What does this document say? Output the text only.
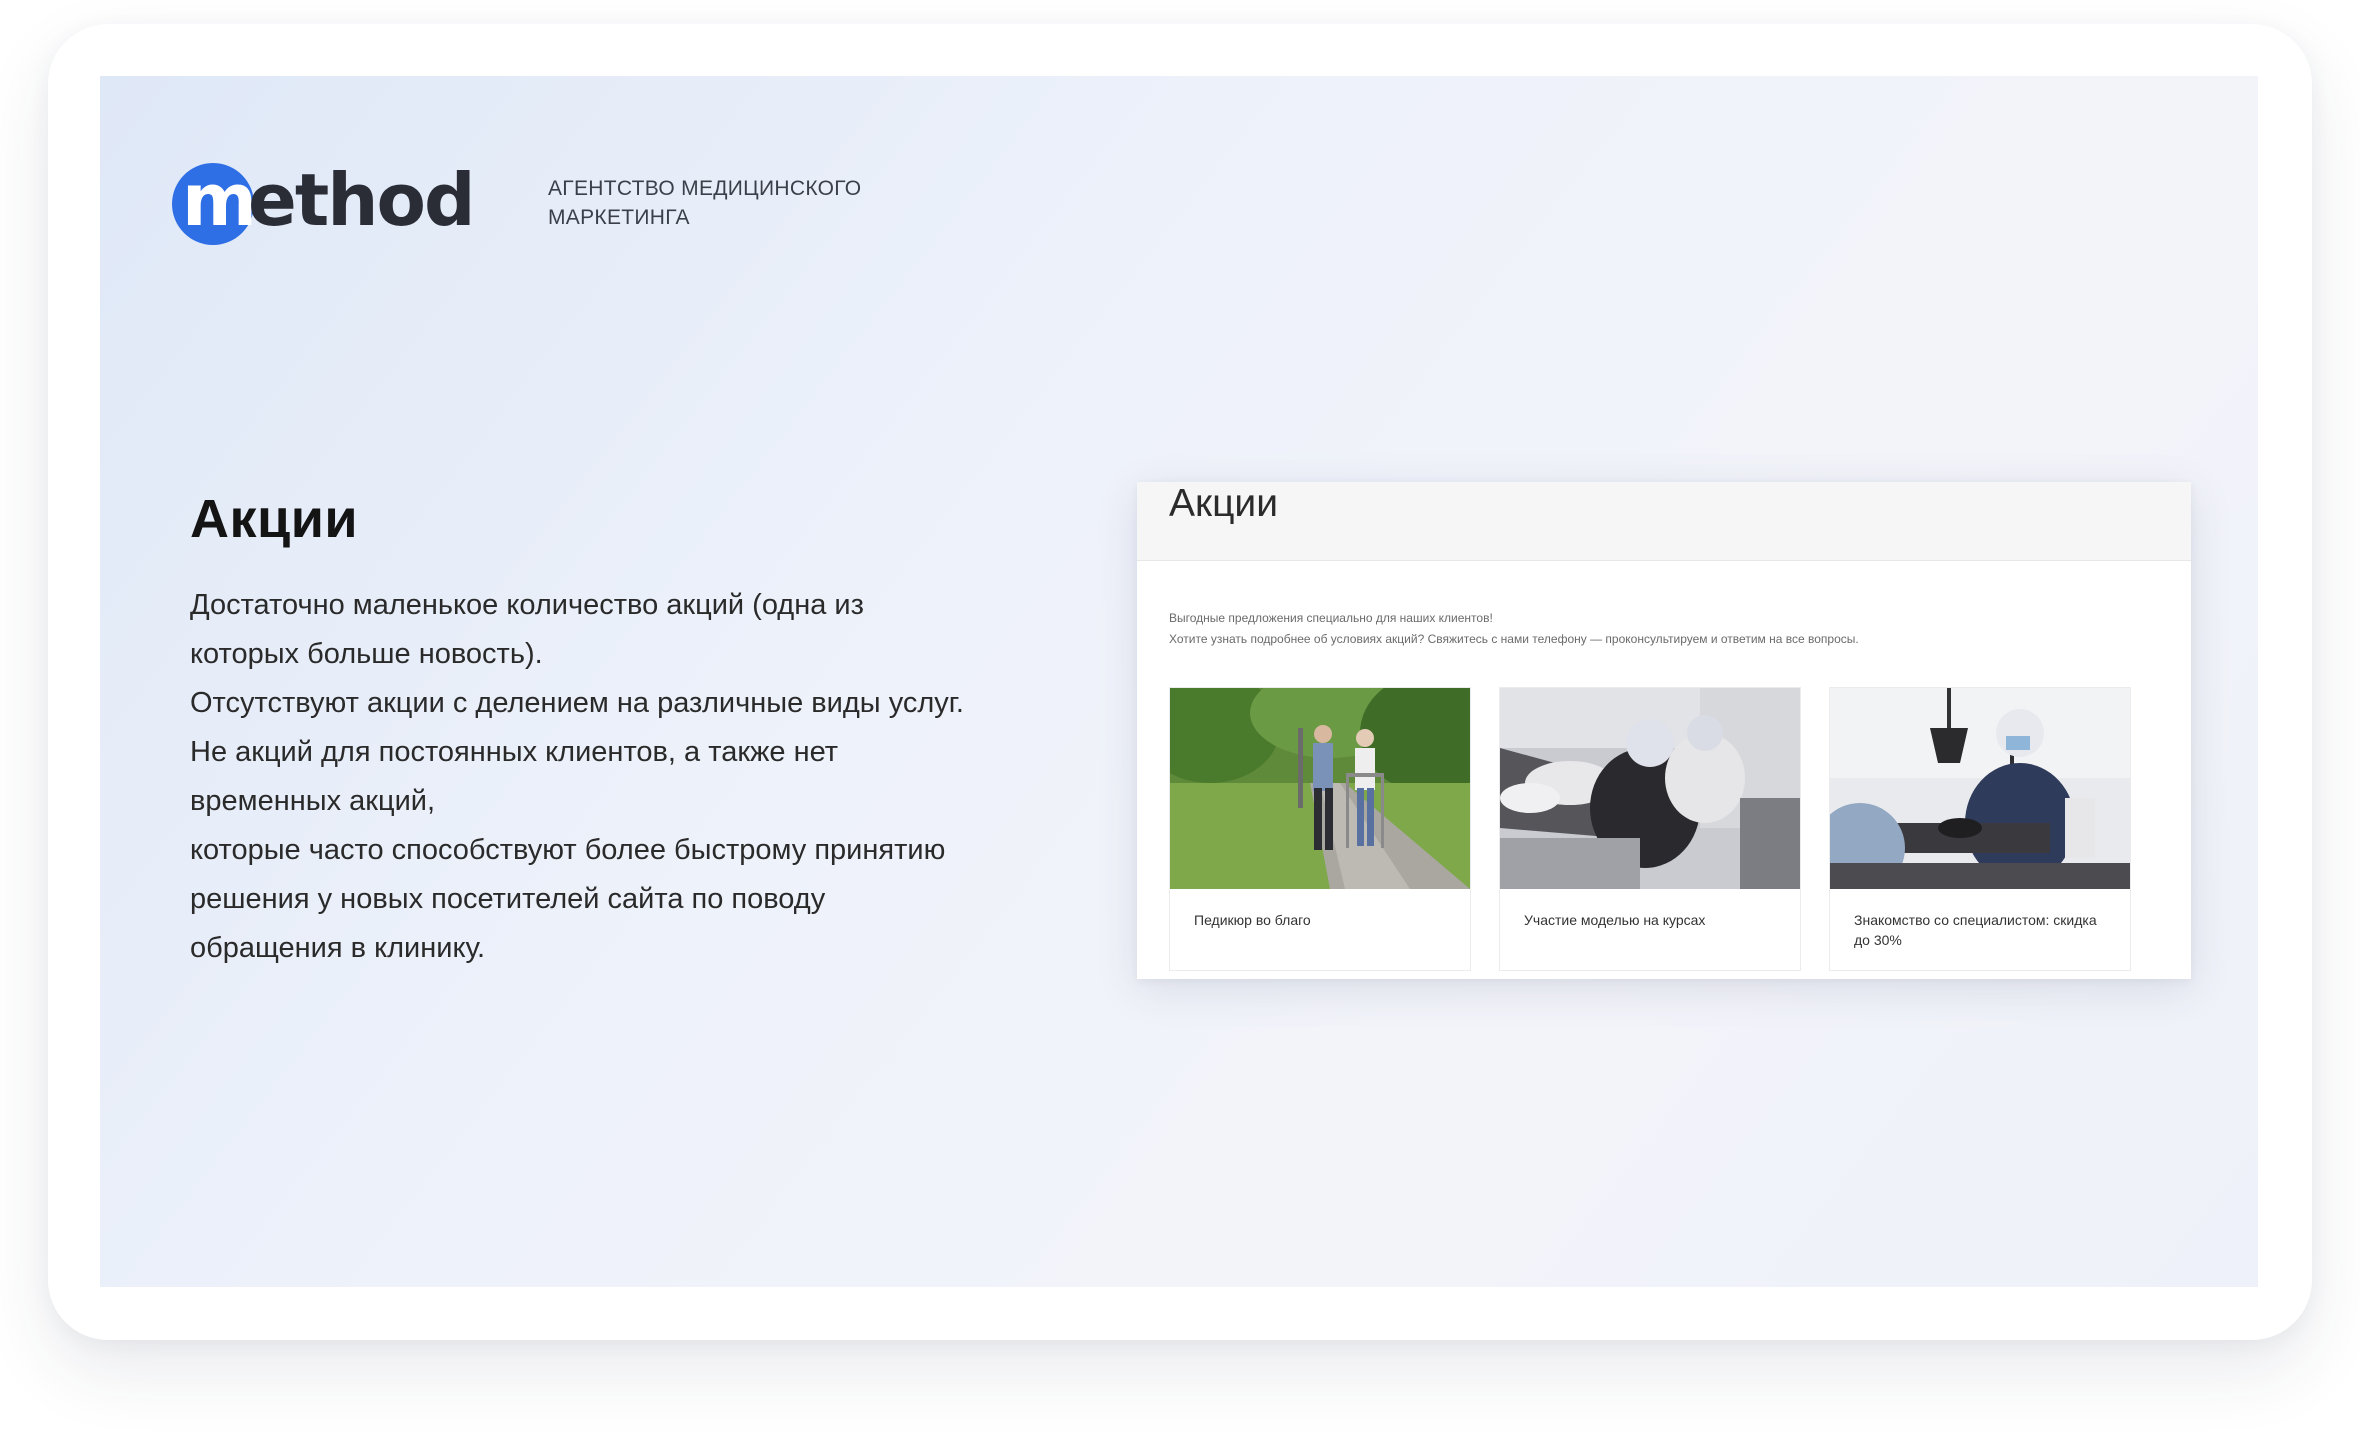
m
ethod	АГЕНТСТВО МЕДИЦИНСКОГО
МАРКЕТИНГА
Акции
Достаточно маленькое количество акций (одна из
которых больше новость).
Отсутствуют акции с делением на различные виды услуг.
Не акций для постоянных клиентов, а также нет
временных акций,
которые часто способствуют более быстрому принятию
решения у новых посетителей сайта по поводу
обращения в клинику.
Акции
Выгодные предложения специально для наших клиентов!
Хотите узнать подробнее об условиях акций? Свяжитесь с нами телефону — проконсультируем и ответим на все вопросы.
Педикюр во благо	Участие моделью на курсах	Знакомство со специалистом: скидка до 30%
